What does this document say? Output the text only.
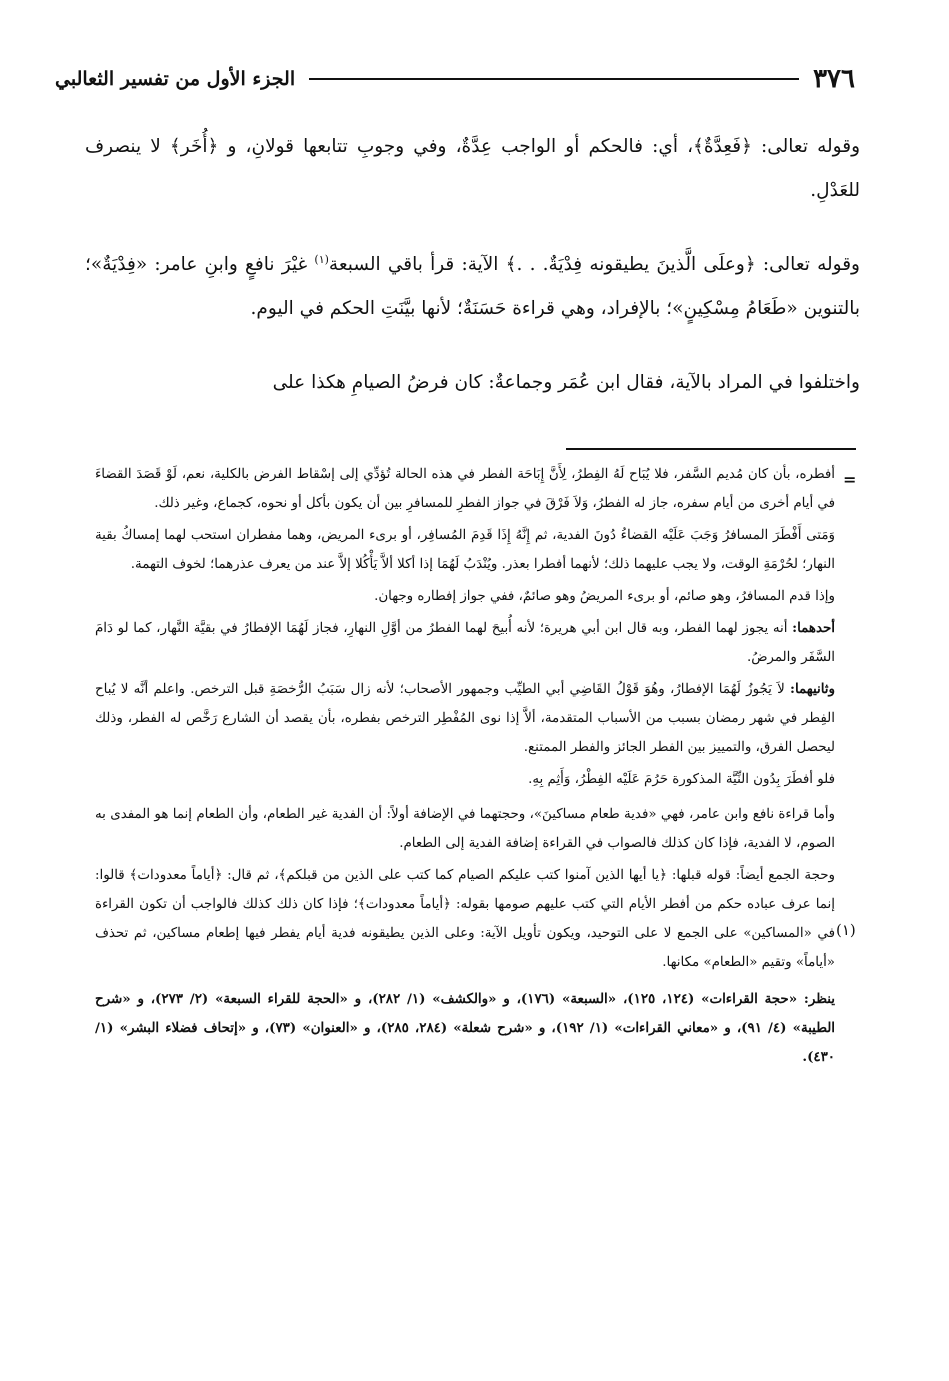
٣٧٦
الجزء الأول من تفسير الثعالبي

وقوله تعالى: ﴿فَعِدَّةٌ﴾، أي: فالحكم أو الواجب عِدَّةٌ، وفي وجوبِ تتابعها قولانِ، و ﴿أُخَر﴾ لا ينصرف للعَدْلِ.

وقوله تعالى: ﴿وعلَى الَّذينَ يطيقونه فِدْيَةٌ. . .﴾ الآية: قرأ باقي السبعة$^{(١)}$ غيْرَ نافعٍ وابنِ عامر: «فِدْيَةٌ»؛ بالتنوين «طَعَامُ مِسْكِينٍ»؛ بالإفراد، وهي قراءة حَسَنَةٌ؛ لأنها بيَّنَتِ الحكم في اليوم.

واختلفوا في المراد بالآية، فقال ابن عُمَر وجماعةٌ: كان فرضُ الصيامِ هكذا على

=
(١)

أفطره، بأن كان مُديم السَّفر، فلا يُبَاح لَهُ الفِطرُ، لِأَنَّ إِبَاحَة الفطر في هذه الحالة تُؤدِّي إلى إسْقاط الفرض بالكلية، نعم، لَوْ قَصَدَ القضاءَ في أيام أخرى من أيام سفره، جاز له الفطرُ، وَلاَ فَرْقَ في جواز الفطرِ للمسافرِ بين أن يكون بأكل أو نحوه، كجماع، وغير ذلك.

وَمَتى أَفْطَرَ المسافرُ وَجَبَ عَلَيْه القضاءُ دُونَ الفدية، ثم إِنَّهُ إِذَا قَدِمَ المُسافِر، أو برىء المريض، وهما مفطران استحب لهما إمساكُ بقية النهار؛ لحُرْمَةِ الوقت، ولا يجب عليهما ذلك؛ لأنهما أفطرا بعذر. ويُنْدَبُ لَهُمَا إذا أكلا ألاَّ يَأْكُلا إلاَّ عند من يعرف عذرهما؛ لخوف التهمة.

وإذا قدم المسافرُ، وهو صائم، أو برىء المريضُ وهو صائمٌ، ففي جواز إفطاره وجهان.

أحدهما: أنه يجوز لهما الفطر، وبه قال ابن أبي هريرة؛ لأنه أُبيحَ لهما الفطرُ من أوَّلِ النهارِ، فجاز لَهُمَا الإفطارُ في بقيَّة النَّهار، كما لو دَامَ السَّفَر والمرضُ.

وثانيهما: لاَ يَجُوزُ لَهُمَا الإفطارُ، وهُوَ قَوْلُ القَاضِي أبي الطيِّب وجمهور الأصحاب؛ لأنه زال سَبَبُ الرُّخصَةِ قبل الترخص. واعلم أنَّه لا يُباح الفِطر في شهر رمضان بسبب من الأسباب المتقدمة، ألاَّ إذا نوى المُفْطِر الترخص بفطره، بأن يقصد أن الشارع رَخَّص له الفطر، وذلك ليحصل الفرق، والتمييز بين الفطر الجائز والفطر الممتنع.

فلو أفطَرَ بِدُون النِّيَّة المذكورة حَرُمَ عَلَيْه الفِطْرُ، وَأَثِم بِهِ.

وأما قراءة نافع وابن عامر، فهي «فدية طعام مساكينَ»، وحجتهما في الإضافة أولاً: أن الفدية غير الطعام، وأن الطعام إنما هو المفدى به الصوم، لا الفدية، فإذا كان كذلك فالصواب في القراءة إضافة الفدية إلى الطعام.

وحجة الجمع أيضاً: قوله قبلها: ﴿يا أيها الذين آمنوا كتب عليكم الصيام كما كتب على الذين من قبلكم﴾، ثم قال: ﴿أياماً معدودات﴾ قالوا: إنما عرف عباده حكم من أفطر الأيام التي كتب عليهم صومها بقوله: ﴿أياماً معدودات﴾؛ فإذا كان ذلك كذلك فالواجب أن تكون القراءة في «المساكين» على الجمع لا على التوحيد، ويكون تأويل الآية: وعلى الذين يطيقونه فدية أيام يفطر فيها إطعام مساكين، ثم تحذف «أياماً» وتقيم «الطعام» مكانها.

ينظر: «حجة القراءات» (١٢٤، ١٢٥)، «السبعة» (١٧٦)، و «والكشف» (١/ ٢٨٢)، و «الحجة للقراء السبعة» (٢/ ٢٧٣)، و «شرح الطيبة» (٤/ ٩١)، و «معاني القراءات» (١/ ١٩٢)، و «شرح شعلة» (٢٨٤، ٢٨٥)، و «العنوان» (٧٣)، و «إتحاف فضلاء البشر» (١/ ٤٣٠).
